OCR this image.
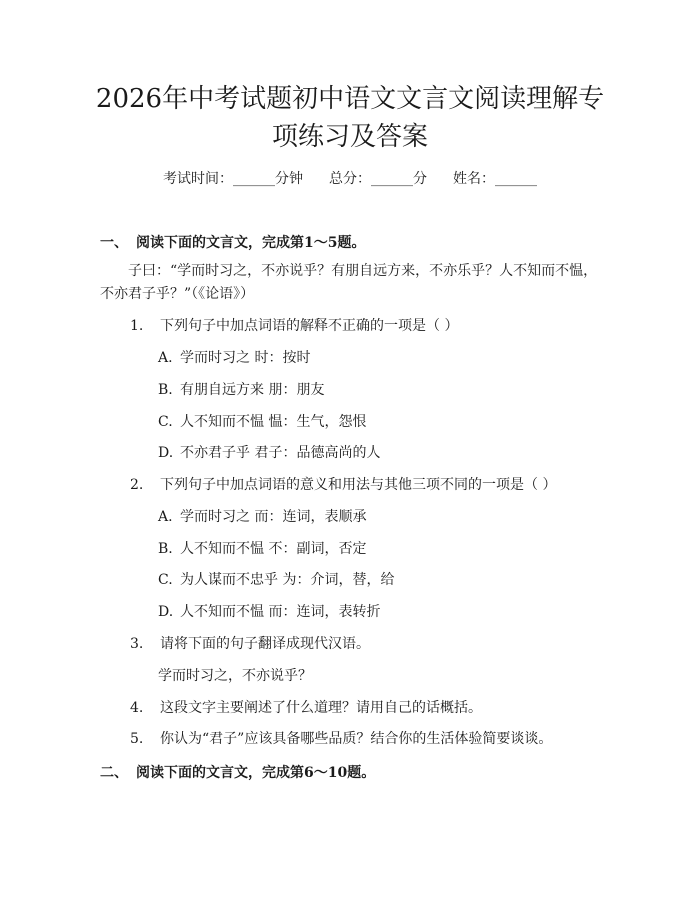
2026年中考试题初中语文文言文阅读理解专
项练习及答案
考试时间：______分钟 总分：______分 姓名：______
一、 阅读下面的文言文，完成第1～5题。
子曰：“学而时习之，不亦说乎？有朋自远方来，不亦乐乎？人不知而不愠，不亦君子乎？”（《论语》）
1. 下列句子中加点词语的解释不正确的一项是（ ）
A. 学而时习之 时：按时
B. 有朋自远方来 朋：朋友
C. 人不知而不愠 愠：生气，怨恨
D. 不亦君子乎 君子：品德高尚的人
2. 下列句子中加点词语的意义和用法与其他三项不同的一项是（ ）
A. 学而时习之 而：连词，表顺承
B. 人不知而不愠 不：副词，否定
C. 为人谋而不忠乎 为：介词，替，给
D. 人不知而不愠 而：连词，表转折
3. 请将下面的句子翻译成现代汉语。
学而时习之，不亦说乎？
4. 这段文字主要阐述了什么道理？请用自己的话概括。
5. 你认为“君子”应该具备哪些品质？结合你的生活体验简要谈谈。
二、 阅读下面的文言文，完成第6～10题。
